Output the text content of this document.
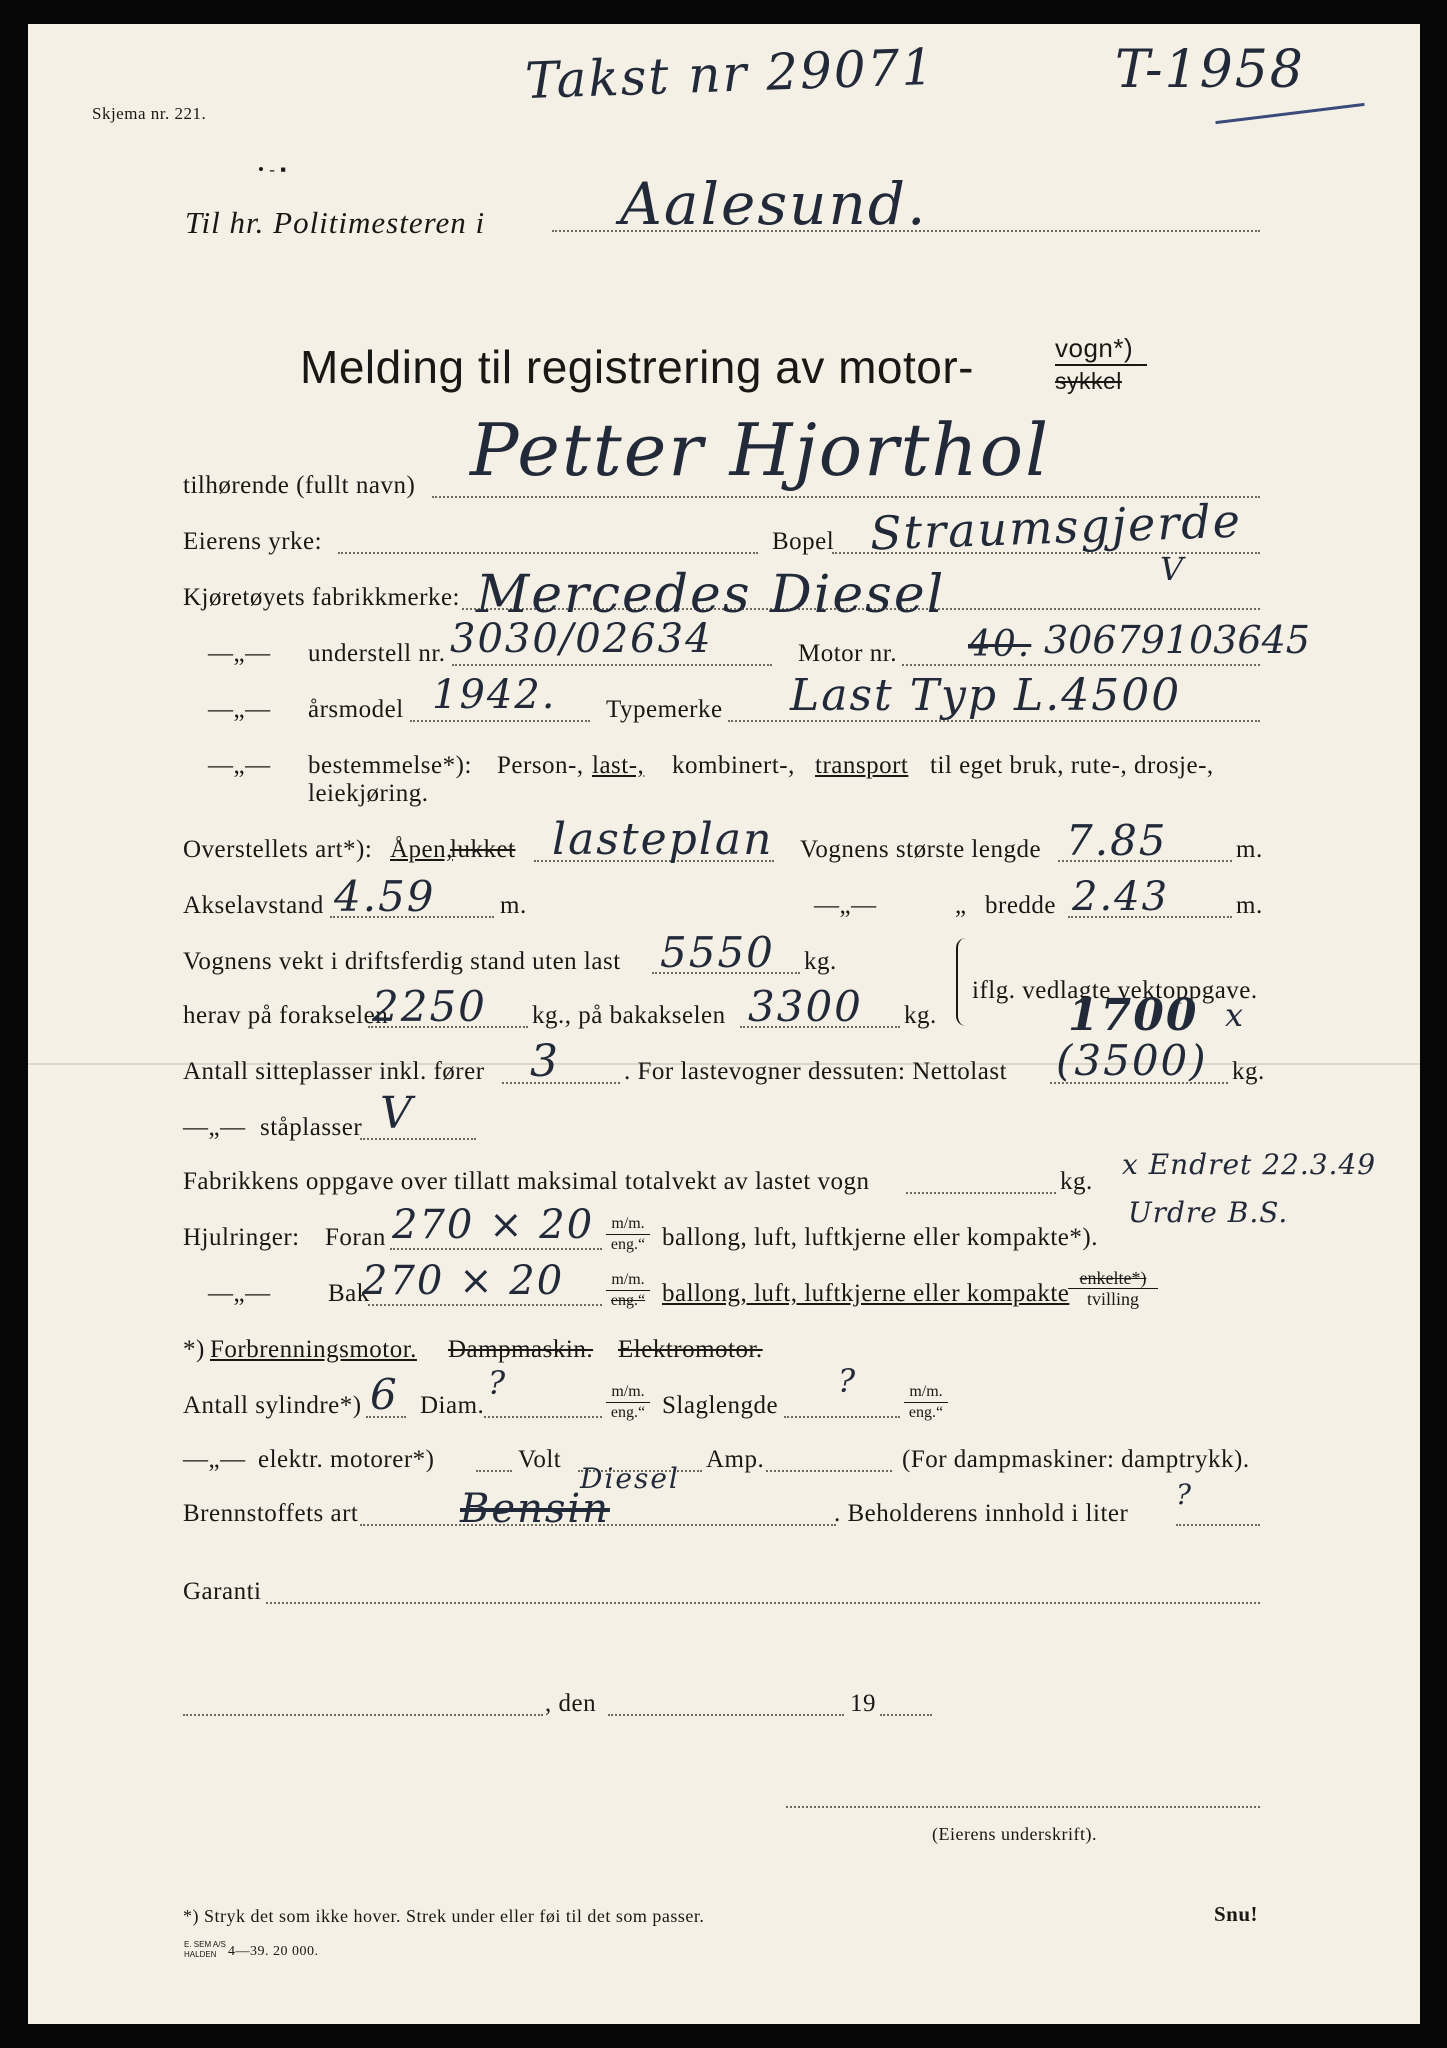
Skjema nr. 221.
• - ▪
Takst nr 29071	T-1958
Til hr. Politimesteren i Aalesund.
Melding til registrering av motor-	vogn*)
sykkel
tilhørende (fullt navn) Petter Hjorthol
Eierens yrke:	Bopel Straumsgjerde
V
Kjøretøyets fabrikkmerke: Mercedes Diesel
—„— understell nr. 3030/02634	Motor nr. 40. 30679103645
—„— årsmodel 1942. Typemerke Last Typ L.4500
—„— bestemmelse*): Person-, last-, kombinert-, transport til eget bruk, rute-, drosje-,
leiekjøring.
Overstellets art*): Åpen,
lukket lasteplan Vognens største lengde 7.85	m.
Akselavstand 4.59	m.	—„—	„ bredde 2.43	m.
Vognens vekt i driftsferdig stand uten last 5550 kg.
herav på forakselen
2250 kg., på bakakselen 3300 kg.
iflg. vedlagte vektoppgave.
1700 x
Antall sitteplasser inkl. fører 3	. For lastevogner dessuten: Nettolast (3500) kg.
—„— ståplasser V
Fabrikkens oppgave over tillatt maksimal totalvekt av lastet vogn	kg.
x Endret 22.3.49
Urdre B.S.
Hjulringer: Foran 270 × 20	m/m.
eng.“ ballong, luft, luftkjerne eller kompakte*).
—„— Bak
270 × 20	m/m.
eng.“ ballong, luft, luftkjerne eller kompakte
enkelte*)
tvilling
*) Forbrenningsmotor. Dampmaskin. Elektromotor.
Antall sylindre*) 6 Diam.
?	m/m.
eng.“ Slaglengde
?	m/m.
eng.“
—„— elektr. motorer*)	Volt	Amp.	(For dampmaskiner: damptrykk).
Brennstoffets art	Bensin
Diesel
. Beholderens innhold i liter
?
Garanti
, den	19
(Eierens underskrift).
*) Stryk det som ikke hover. Strek under eller føi til det som passer.	Snu!
E. SEM A/S
HALDEN 4—39. 20 000.
